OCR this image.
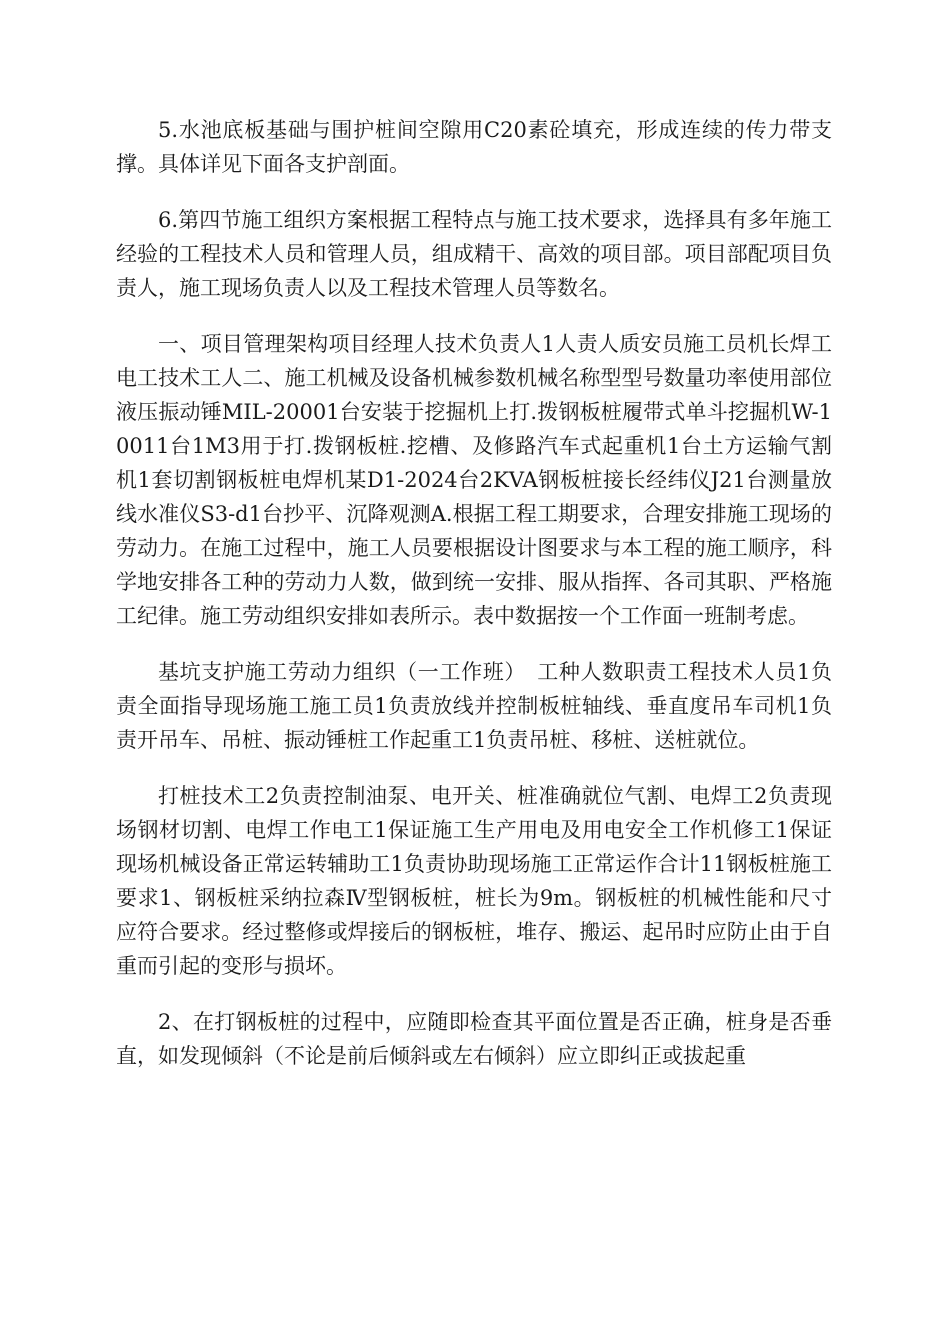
5.水池底板基础与围护桩间空隙用C20素砼填充，形成连续的传力带支撑。具体详见下面各支护剖面。

6.第四节施工组织方案根据工程特点与施工技术要求，选择具有多年施工经验的工程技术人员和管理人员，组成精干、高效的项目部。项目部配项目负责人，施工现场负责人以及工程技术管理人员等数名。

一、项目管理架构项目经理人技术负责人1人责人质安员施工员机长焊工电工技术工人二、施工机械及设备机械参数机械名称型型号数量功率使用部位液压振动锤MIL-20001台安装于挖掘机上打.拨钢板桩履带式单斗挖掘机W-10011台1M3用于打.拨钢板桩.挖槽、及修路汽车式起重机1台土方运输气割机1套切割钢板桩电焊机某D1-2024台2KVA钢板桩接长经纬仪J21台测量放线水准仪S3-d1台抄平、沉降观测A.根据工程工期要求，合理安排施工现场的劳动力。在施工过程中，施工人员要根据设计图要求与本工程的施工顺序，科学地安排各工种的劳动力人数，做到统一安排、服从指挥、各司其职、严格施工纪律。施工劳动组织安排如表所示。表中数据按一个工作面一班制考虑。

基坑支护施工劳动力组织（一工作班）　工种人数职责工程技术人员1负责全面指导现场施工施工员1负责放线并控制板桩轴线、垂直度吊车司机1负责开吊车、吊桩、振动锤桩工作起重工1负责吊桩、移桩、送桩就位。

打桩技术工2负责控制油泵、电开关、桩准确就位气割、电焊工2负责现场钢材切割、电焊工作电工1保证施工生产用电及用电安全工作机修工1保证现场机械设备正常运转辅助工1负责协助现场施工正常运作合计11钢板桩施工要求1、钢板桩采纳拉森Ⅳ型钢板桩，桩长为9m。钢板桩的机械性能和尺寸应符合要求。经过整修或焊接后的钢板桩，堆存、搬运、起吊时应防止由于自重而引起的变形与损坏。

2、在打钢板桩的过程中，应随即检查其平面位置是否正确，桩身是否垂直，如发现倾斜（不论是前后倾斜或左右倾斜）应立即纠正或拔起重
